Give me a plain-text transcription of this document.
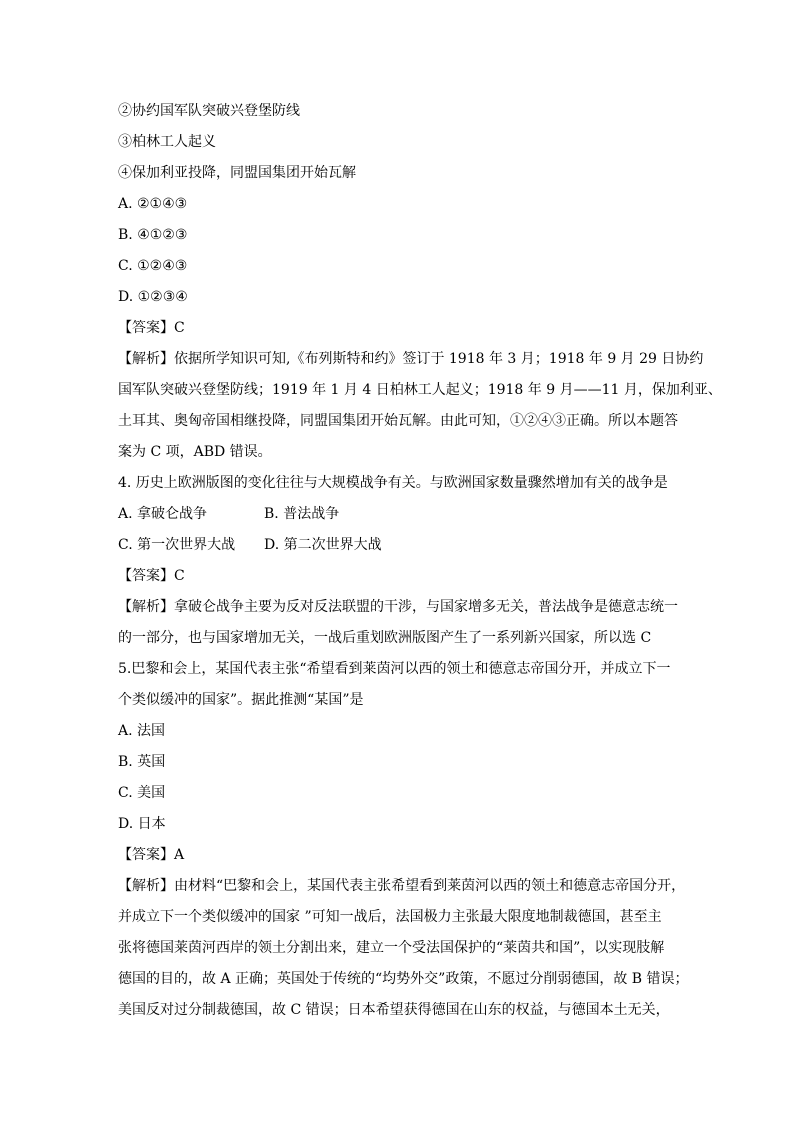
②协约国军队突破兴登堡防线
③柏林工人起义
④保加利亚投降，同盟国集团开始瓦解
A. ②①④③
B. ④①②③
C. ①②④③
D. ①②③④
【答案】C
【解析】依据所学知识可知,《布列斯特和约》签订于 1918 年 3 月；1918 年 9 月 29 日协约
国军队突破兴登堡防线；1919 年 1 月 4 日柏林工人起义；1918 年 9 月——11 月，保加利亚、
土耳其、奥匈帝国相继投降，同盟国集团开始瓦解。由此可知，①②④③正确。所以本题答
案为 C 项，ABD 错误。
4. 历史上欧洲版图的变化往往与大规模战争有关。与欧洲国家数量骤然增加有关的战争是
A. 拿破仑战争	B. 普法战争
C. 第一次世界大战	D. 第二次世界大战
【答案】C
【解析】拿破仑战争主要为反对反法联盟的干涉，与国家增多无关，普法战争是德意志统一
的一部分，也与国家增加无关，一战后重划欧洲版图产生了一系列新兴国家，所以选 C
5.巴黎和会上，某国代表主张“希望看到莱茵河以西的领土和德意志帝国分开，并成立下一
个类似缓冲的国家”。据此推测“某国”是
A. 法国
B. 英国
C. 美国
D. 日本
【答案】A
【解析】由材料“巴黎和会上，某国代表主张希望看到莱茵河以西的领土和德意志帝国分开，
并成立下一个类似缓冲的国家 ”可知一战后，法国极力主张最大限度地制裁德国，甚至主
张将德国莱茵河西岸的领土分割出来，建立一个受法国保护的“莱茵共和国”，以实现肢解
德国的目的，故 A 正确；英国处于传统的“均势外交”政策，不愿过分削弱德国，故 B 错误；
美国反对过分制裁德国，故 C 错误；日本希望获得德国在山东的权益，与德国本土无关，
